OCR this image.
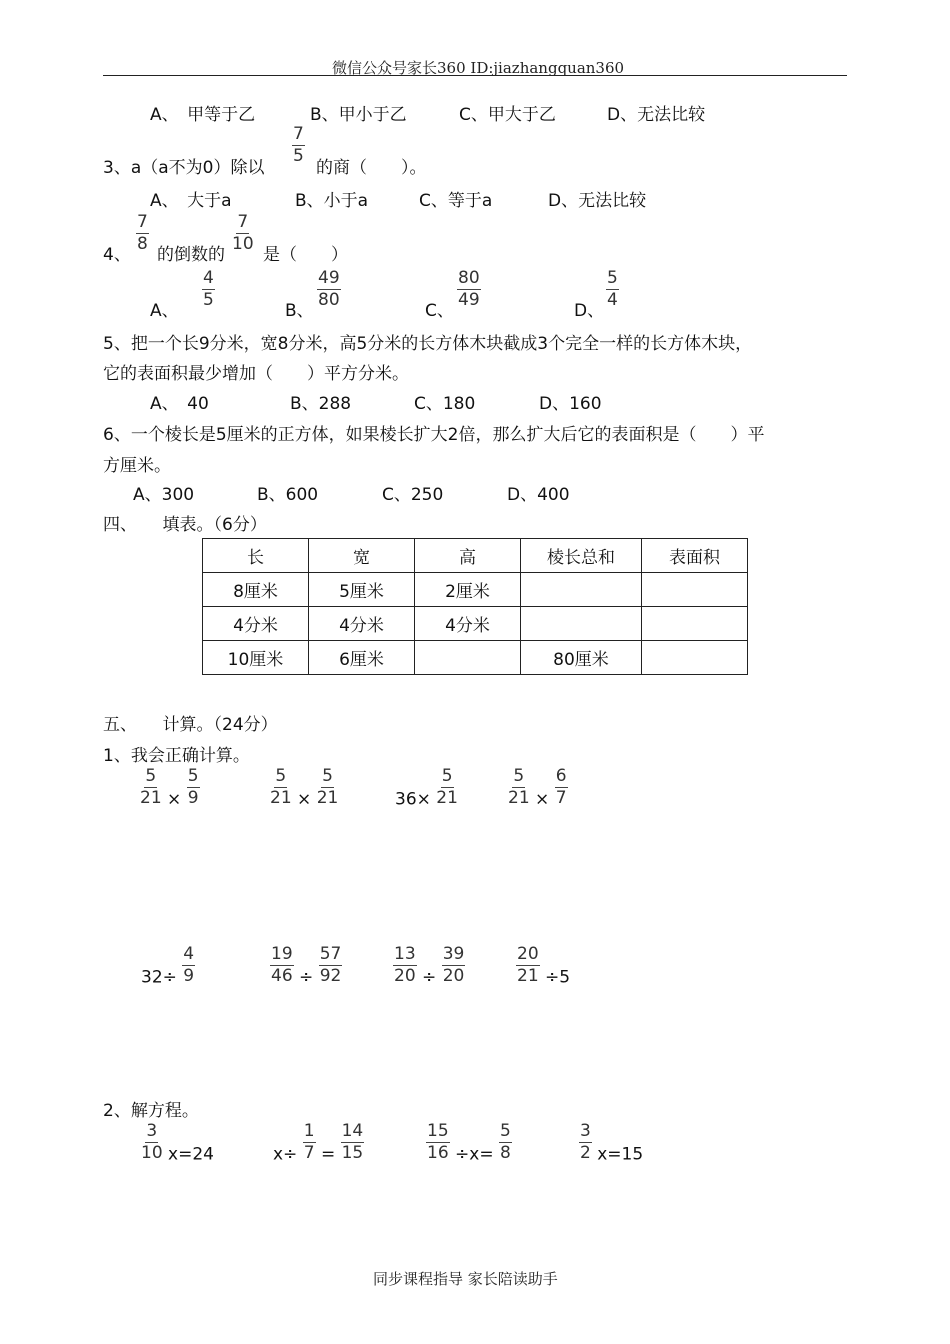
微信公众号家长360 ID:jiazhangquan360
A、　甲等于乙	B、甲小于乙	C、甲大于乙	D、无法比较
3、a（a不为0）除以
$\frac{7}{5}$
的商（　　）。
A、　大于a	B、小于a	C、等于a	D、无法比较
4、
$\frac{7}{8}$
的倒数的
$\frac{7}{10}$
是（　　）
A、
$\frac{4}{5}$
B、
$\frac{49}{80}$
C、
$\frac{80}{49}$
D、
$\frac{5}{4}$
5、把一个长9分米，宽8分米，高5分米的长方体木块截成3个完全一样的长方体木块，
它的表面积最少增加（　　）平方分米。
A、　40	B、288	C、180	D、160
6、一个棱长是5厘米的正方体，如果棱长扩大2倍，那么扩大后它的表面积是（　　）平
方厘米。
A、300	B、600	C、250	D、400
四、　　填表。（6分）
长	宽	高	棱长总和	表面积
8厘米	5厘米	2厘米		
4分米	4分米	4分米		
10厘米	6厘米		80厘米	
五、　　计算。（24分）
1、我会正确计算。
$\frac{5}{21} \times \frac{5}{9}$	$\frac{5}{21} \times \frac{5}{21}$	$36\times \frac{5}{21}$	$\frac{5}{21} \times \frac{6}{7}$
$32\div \frac{4}{9}$	$\frac{19}{46} \div \frac{57}{92}$	$\frac{13}{20} \div \frac{39}{20}$	$\frac{20}{21} \div 5$
2、解方程。
$\frac{3}{10} x=24$	$x\div \frac{1}{7} = \frac{14}{15}$	$\frac{15}{16} \div x= \frac{5}{8}$	$\frac{3}{2} x=15$
同步课程指导 家长陪读助手
